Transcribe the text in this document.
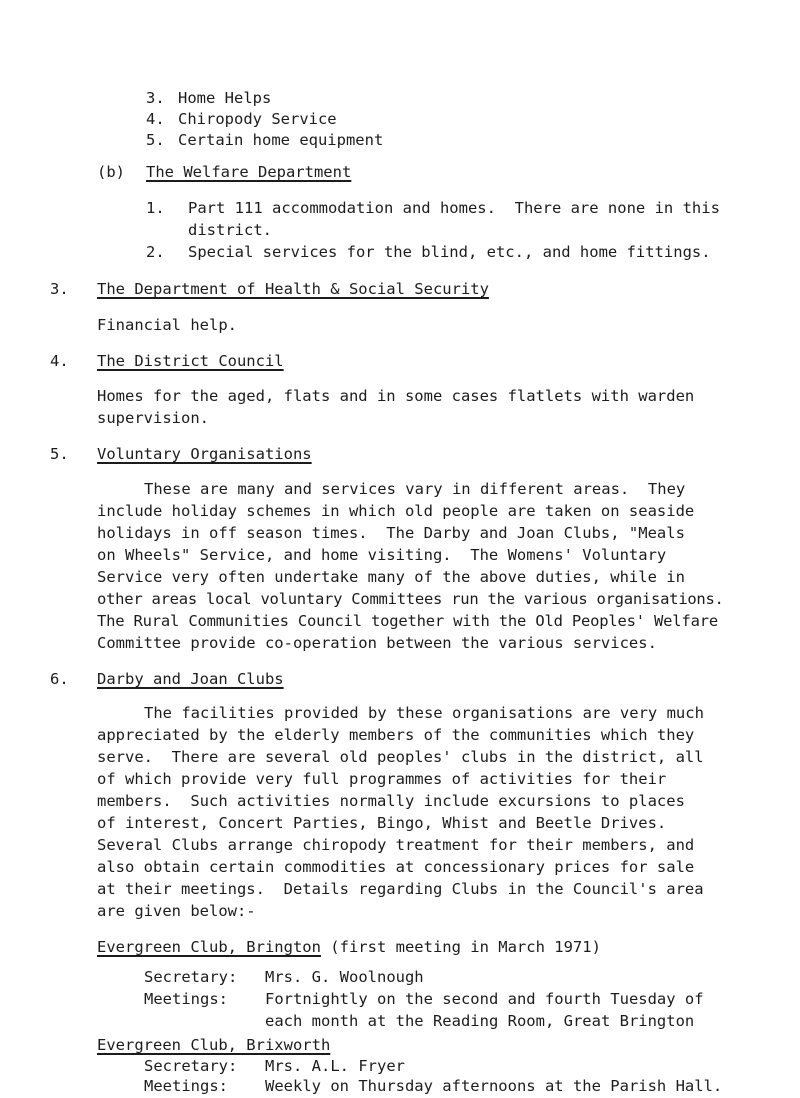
3. Home Helps
4. Chiropody Service
5. Certain home equipment
(b) The Welfare Department
1. Part 111 accommodation and homes.  There are none in this
district.
2. Special services for the blind, etc., and home fittings.
3. The Department of Health & Social Security
Financial help.
4. The District Council
Homes for the aged, flats and in some cases flatlets with warden
supervision.
5. Voluntary Organisations
These are many and services vary in different areas.  They
include holiday schemes in which old people are taken on seaside
holidays in off season times.  The Darby and Joan Clubs, "Meals
on Wheels" Service, and home visiting.  The Womens' Voluntary
Service very often undertake many of the above duties, while in
other areas local voluntary Committees run the various organisations.
The Rural Communities Council together with the Old Peoples' Welfare
Committee provide co-operation between the various services.
6. Darby and Joan Clubs
The facilities provided by these organisations are very much
appreciated by the elderly members of the communities which they
serve.  There are several old peoples' clubs in the district, all
of which provide very full programmes of activities for their
members.  Such activities normally include excursions to places
of interest, Concert Parties, Bingo, Whist and Beetle Drives.
Several Clubs arrange chiropody treatment for their members, and
also obtain certain commodities at concessionary prices for sale
at their meetings.  Details regarding Clubs in the Council's area
are given below:-
Evergreen Club, Brington (first meeting in March 1971)
Secretary: Mrs. G. Woolnough
Meetings: Fortnightly on the second and fourth Tuesday of
each month at the Reading Room, Great Brington
Evergreen Club, Brixworth
Secretary: Mrs. A.L. Fryer
Meetings: Weekly on Thursday afternoons at the Parish Hall.
